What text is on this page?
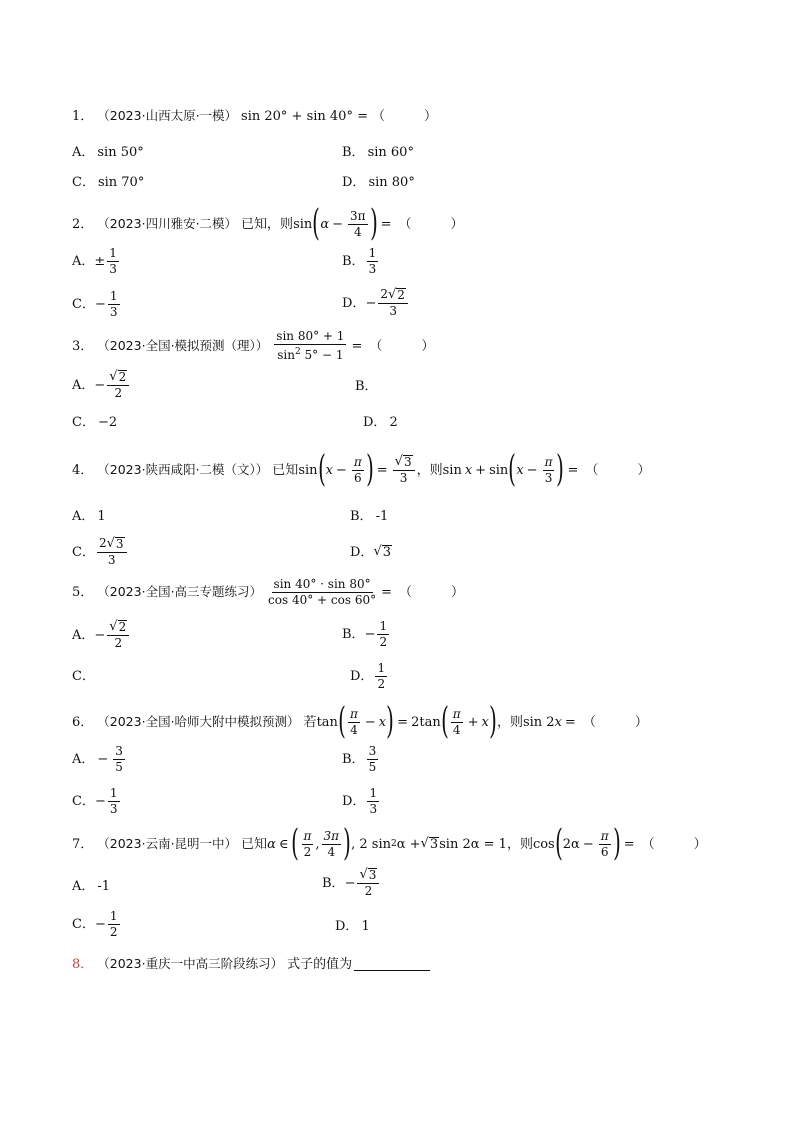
1． （2023·山西太原·一模） sin 20° + sin 40° = （　　　）
A． sin 50°	B． sin 60°
C． sin 70°	D． sin 80°
2． （2023·四川雅安·二模） 已知，则 sin ( $\alpha - \frac{3\pi}{4}$ ) = （　　　）
A． ± $\frac{1}{3}$	B． $\frac{1}{3}$
C． − $\frac{1}{3}$	D． − $\frac{2 √ 2}{3}$
3． （2023·全国·模拟预测（理）） $\frac{\sin 80^\circ + 1}{\sin^2 5^\circ - 1}$ = （　　　）
A． − $\frac{√ 2}{2}$	B．
C． −2	D． 2
4． （2023·陕西咸阳·二模（文）） 已知 sin ( $x - \frac{\pi}{6}$ ) = $\frac{√ 3}{3}$ ，则 sin x + sin ( $x - \frac{\pi}{3}$ ) = （　　　）
A． 1	B． -1
C． $\frac{2 √ 3}{3}$	D． √ 3
5． （2023·全国·高三专题练习） $\frac{\sin 40^\circ \cdot \sin 80^\circ}{\cos 40^\circ + \cos 60^\circ}$ = （　　　）
A． − $\frac{√ 2}{2}$	B． − $\frac{1}{2}$
C．	D． $\frac{1}{2}$
6． （2023·全国·哈师大附中模拟预测） 若 tan ( $\frac{\pi}{4} - x$ ) = 2 tan ( $\frac{\pi}{4} + x$ ) ，则 sin 2 x = （　　　）
A． − $\frac{3}{5}$	B． $\frac{3}{5}$
C． − $\frac{1}{3}$	D． $\frac{1}{3}$
7． （2023·云南·昆明一中） 已知 α ∈ ( $\frac{\pi}{2}$ , $\frac{3\pi}{4}$ ) , 2 sin 2 α + √ 3 sin 2α = 1 ，则 cos ( $2\alpha - \frac{\pi}{6}$ ) = （　　　）
A． -1	B． − $\frac{√ 3}{2}$
C． − $\frac{1}{2}$	D． 1
8． （2023·重庆一中高三阶段练习） 式子的值为
